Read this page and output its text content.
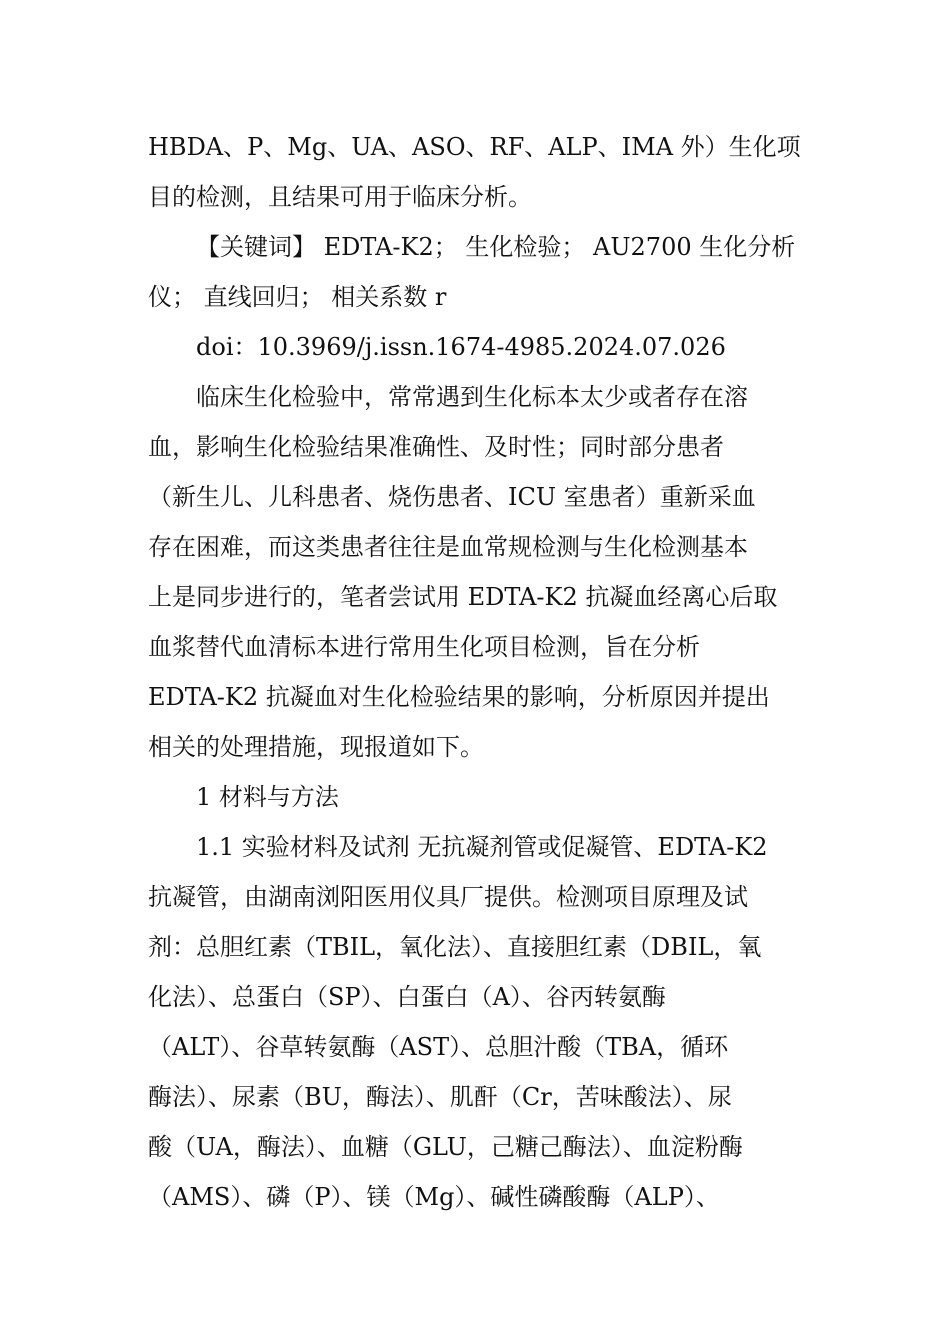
HBDA、P、Mg、UA、ASO、RF、ALP、IMA 外）生化项
目的检测，且结果可用于临床分析。
【关键词】 EDTA-K2； 生化检验； AU2700 生化分析
仪； 直线回归； 相关系数 r
doi：10.3969/j.issn.1674-4985.2024.07.026
临床生化检验中，常常遇到生化标本太少或者存在溶
血，影响生化检验结果准确性、及时性；同时部分患者
（新生儿、儿科患者、烧伤患者、ICU 室患者）重新采血
存在困难，而这类患者往往是血常规检测与生化检测基本
上是同步进行的，笔者尝试用 EDTA-K2 抗凝血经离心后取
血浆替代血清标本进行常用生化项目检测，旨在分析
EDTA-K2 抗凝血对生化检验结果的影响，分析原因并提出
相关的处理措施，现报道如下。
1 材料与方法
1.1 实验材料及试剂 无抗凝剂管或促凝管、EDTA-K2
抗凝管，由湖南浏阳医用仪具厂提供。检测项目原理及试
剂：总胆红素（TBIL，氧化法）、直接胆红素（DBIL，氧
化法）、总蛋白（SP）、白蛋白（A）、谷丙转氨酶
（ALT）、谷草转氨酶（AST）、总胆汁酸（TBA，循环
酶法）、尿素（BU，酶法）、肌酐（Cr，苦味酸法）、尿
酸（UA，酶法）、血糖（GLU，己糖己酶法）、血淀粉酶
（AMS）、磷（P）、镁（Mg）、碱性磷酸酶（ALP）、
